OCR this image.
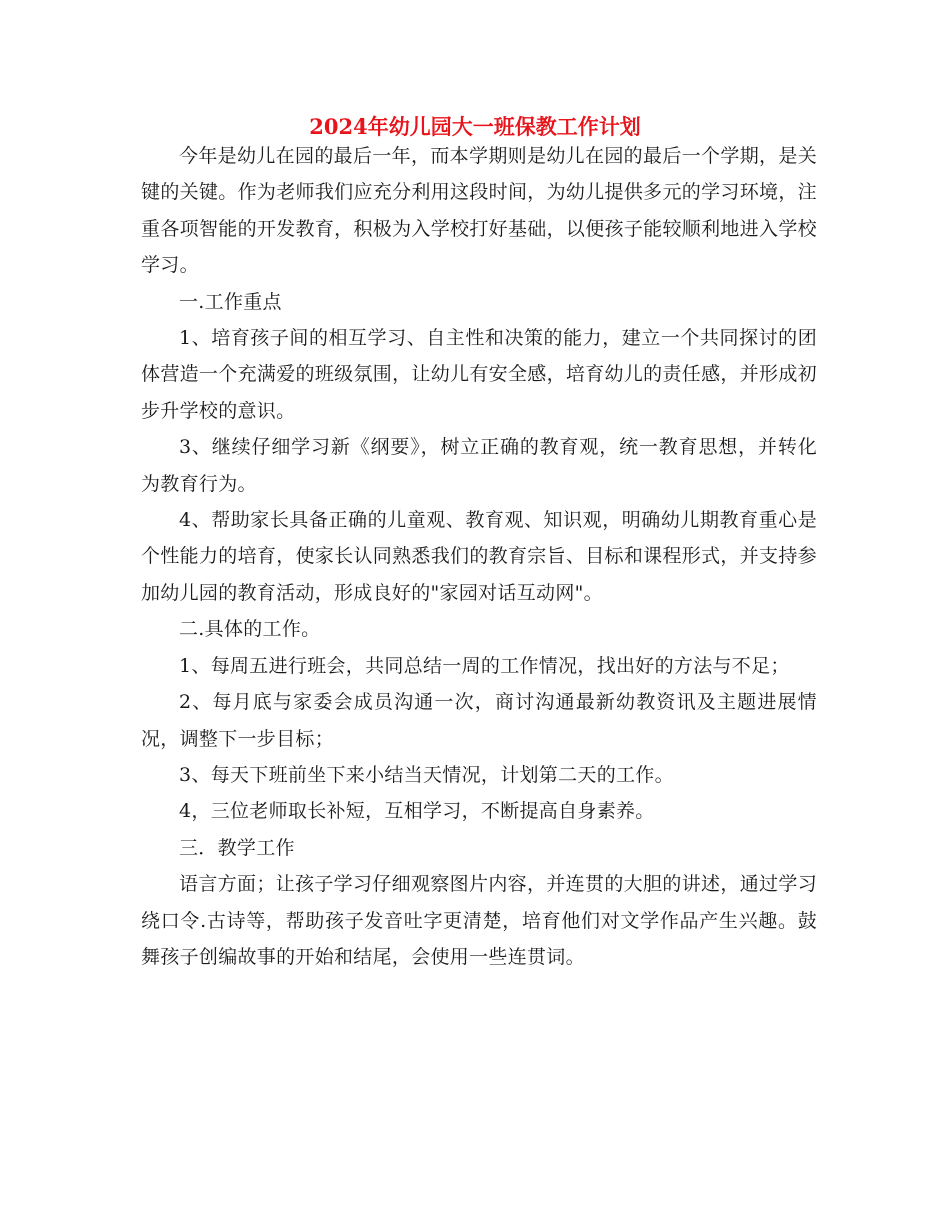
2024年幼儿园大一班保教工作计划

今年是幼儿在园的最后一年，而本学期则是幼儿在园的最后一个学期，是关键的关键。作为老师我们应充分利用这段时间，为幼儿提供多元的学习环境，注重各项智能的开发教育，积极为入学校打好基础，以便孩子能较顺利地进入学校学习。

一.工作重点

1、培育孩子间的相互学习、自主性和决策的能力，建立一个共同探讨的团体营造一个充满爱的班级氛围，让幼儿有安全感，培育幼儿的责任感，并形成初步升学校的意识。

3、继续仔细学习新《纲要》，树立正确的教育观，统一教育思想，并转化为教育行为。

4、帮助家长具备正确的儿童观、教育观、知识观，明确幼儿期教育重心是个性能力的培育，使家长认同熟悉我们的教育宗旨、目标和课程形式，并支持参加幼儿园的教育活动，形成良好的"家园对话互动网"。

二.具体的工作。

1、每周五进行班会，共同总结一周的工作情况，找出好的方法与不足；

2、每月底与家委会成员沟通一次，商讨沟通最新幼教资讯及主题进展情况，调整下一步目标；

3、每天下班前坐下来小结当天情况，计划第二天的工作。

4，三位老师取长补短，互相学习，不断提高自身素养。

三．教学工作

语言方面；让孩子学习仔细观察图片内容，并连贯的大胆的讲述，通过学习绕口令.古诗等，帮助孩子发音吐字更清楚，培育他们对文学作品产生兴趣。鼓舞孩子创编故事的开始和结尾，会使用一些连贯词。
